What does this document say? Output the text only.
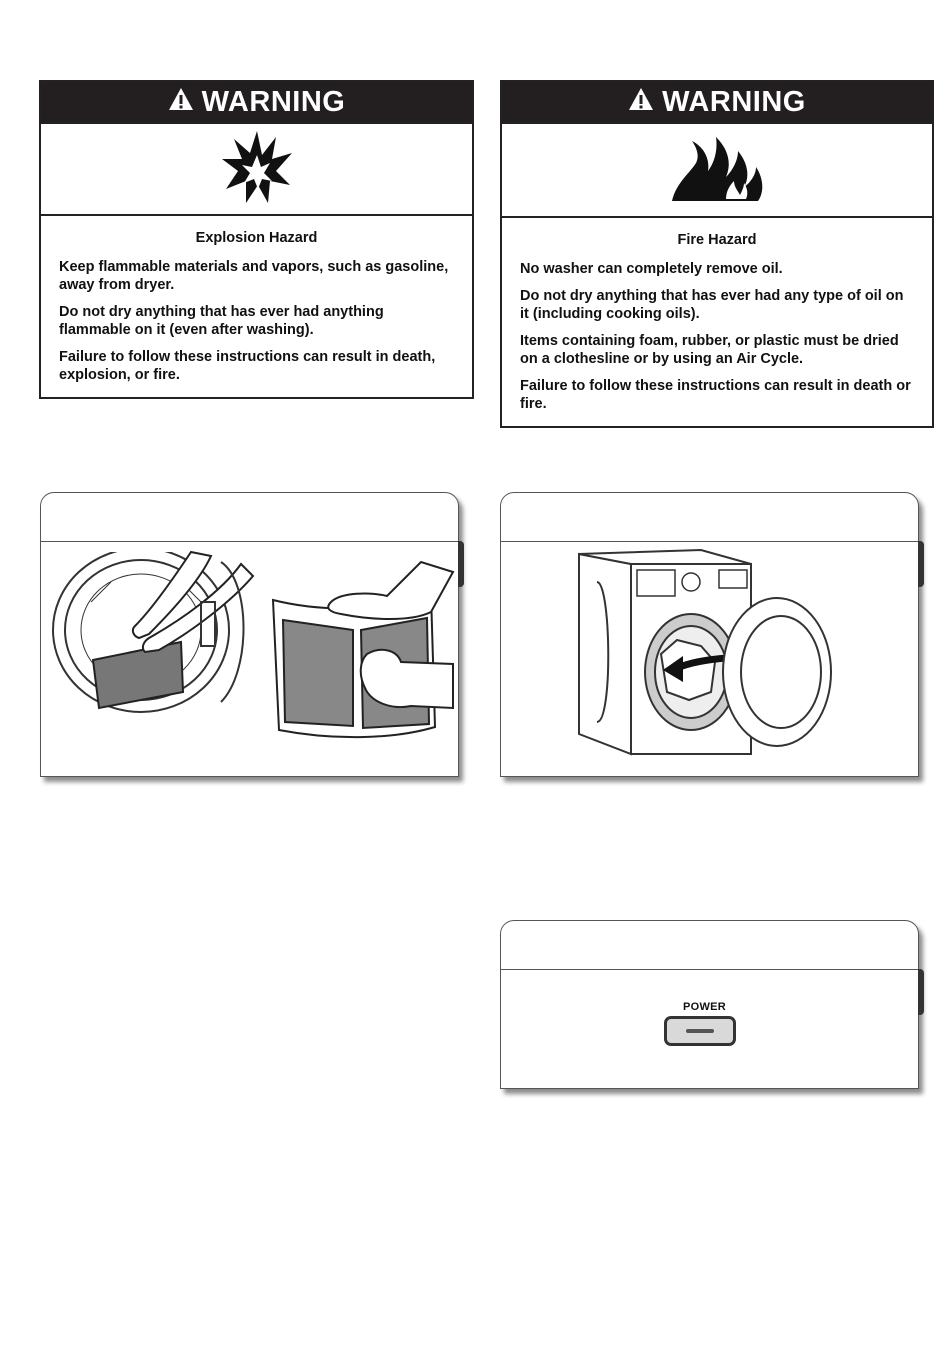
WARNING
Explosion Hazard

Keep flammable materials and vapors, such as gasoline, away from dryer.

Do not dry anything that has ever had anything flammable on it (even after washing).

Failure to follow these instructions can result in death, explosion, or fire.

WARNING
Fire Hazard

No washer can completely remove oil.

Do not dry anything that has ever had any type of oil on it (including cooking oils).

Items containing foam, rubber, or plastic must be dried on a clothesline or by using an Air Cycle.

Failure to follow these instructions can result in death or fire.

POWER
